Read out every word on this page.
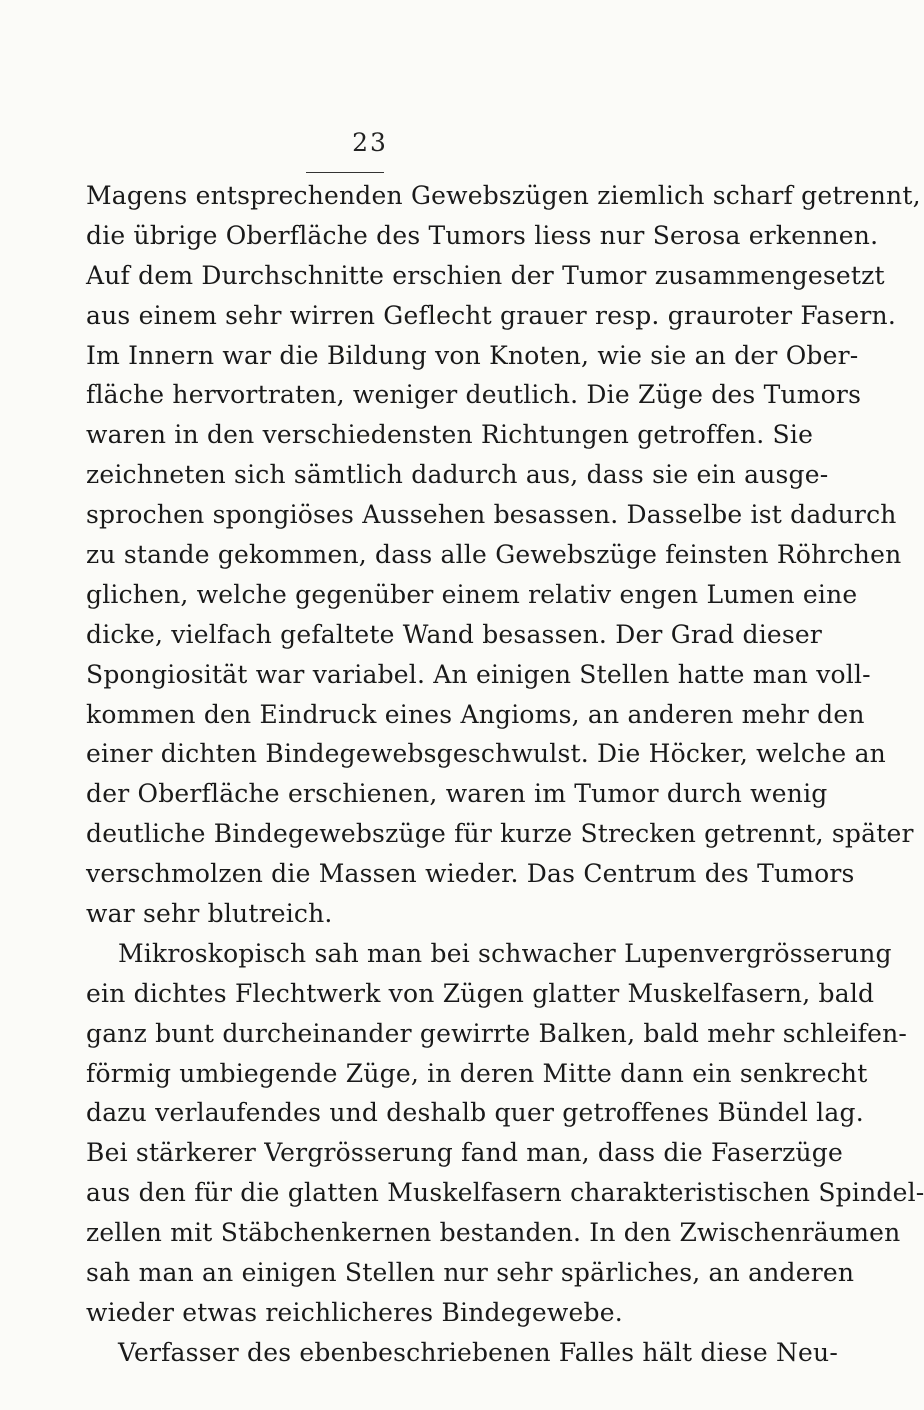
23
Magens entsprechenden Gewebszügen ziemlich scharf getrennt,
die übrige Oberfläche des Tumors liess nur Serosa erkennen.
Auf dem Durchschnitte erschien der Tumor zusammengesetzt
aus einem sehr wirren Geflecht grauer resp. grauroter Fasern.
Im Innern war die Bildung von Knoten, wie sie an der Ober-
fläche hervortraten, weniger deutlich. Die Züge des Tumors
waren in den verschiedensten Richtungen getroffen. Sie
zeichneten sich sämtlich dadurch aus, dass sie ein ausge-
sprochen spongiöses Aussehen besassen. Dasselbe ist dadurch
zu stande gekommen, dass alle Gewebszüge feinsten Röhrchen
glichen, welche gegenüber einem relativ engen Lumen eine
dicke, vielfach gefaltete Wand besassen. Der Grad dieser
Spongiosität war variabel. An einigen Stellen hatte man voll-
kommen den Eindruck eines Angioms, an anderen mehr den
einer dichten Bindegewebsgeschwulst. Die Höcker, welche an
der Oberfläche erschienen, waren im Tumor durch wenig
deutliche Bindegewebszüge für kurze Strecken getrennt, später
verschmolzen die Massen wieder. Das Centrum des Tumors
war sehr blutreich.
Mikroskopisch sah man bei schwacher Lupenvergrösserung
ein dichtes Flechtwerk von Zügen glatter Muskelfasern, bald
ganz bunt durcheinander gewirrte Balken, bald mehr schleifen-
förmig umbiegende Züge, in deren Mitte dann ein senkrecht
dazu verlaufendes und deshalb quer getroffenes Bündel lag.
Bei stärkerer Vergrösserung fand man, dass die Faserzüge
aus den für die glatten Muskelfasern charakteristischen Spindel-
zellen mit Stäbchenkernen bestanden. In den Zwischenräumen
sah man an einigen Stellen nur sehr spärliches, an anderen
wieder etwas reichlicheres Bindegewebe.
Verfasser des ebenbeschriebenen Falles hält diese Neu-
